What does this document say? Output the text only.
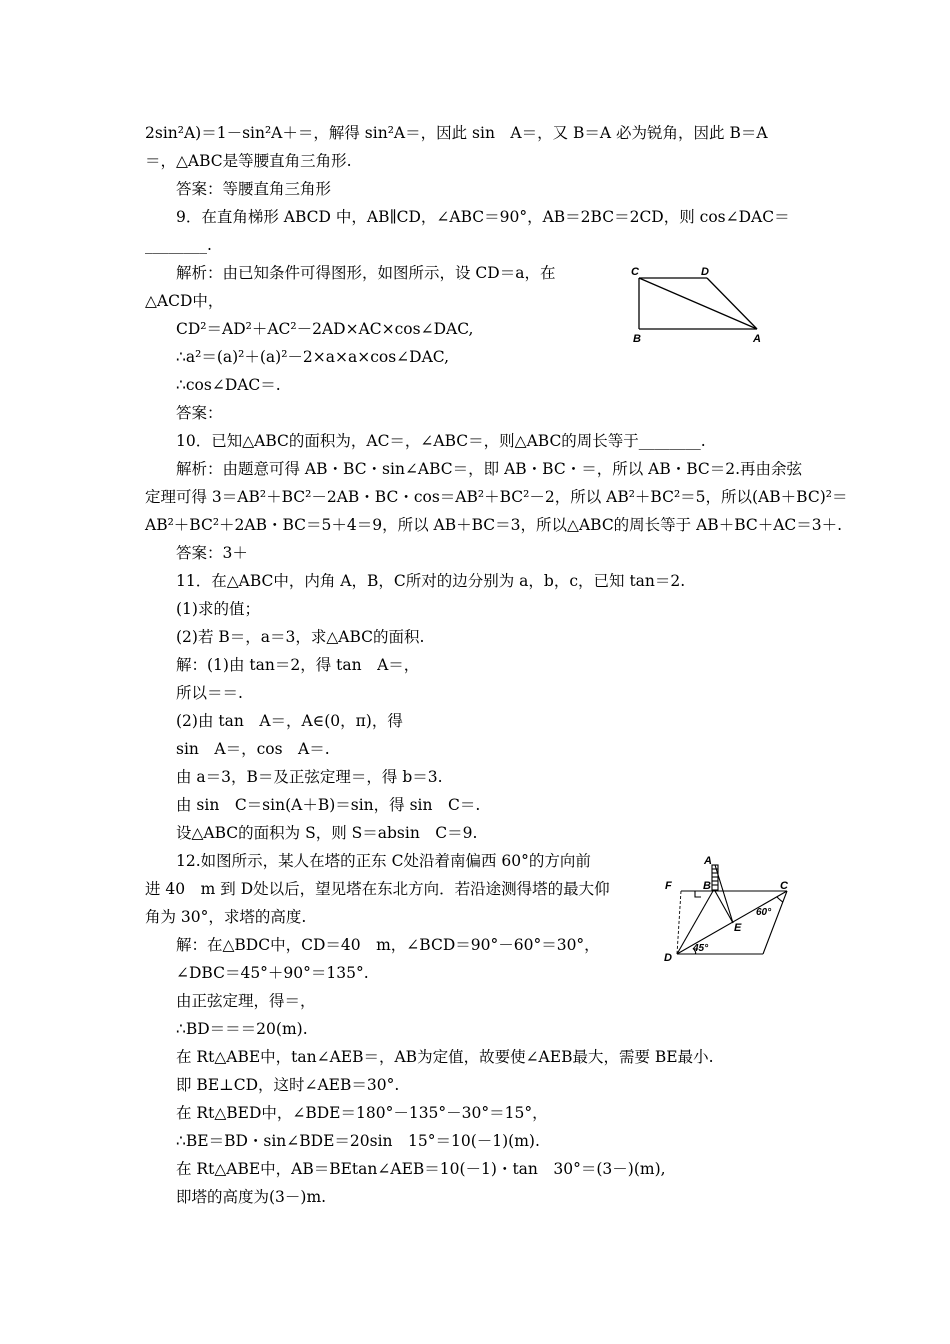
2sin²A)＝1－sin²A＋＝，解得 sin²A＝，因此 sin　A＝，又 B＝A 必为锐角，因此 B＝A
＝，△ABC是等腰直角三角形.
答案：等腰直角三角形
9．在直角梯形 ABCD 中，AB∥CD，∠ABC＝90°，AB＝2BC＝2CD，则 cos∠DAC＝
________.
解析：由已知条件可得图形，如图所示，设 CD＝a，在
△ACD中，
CD²＝AD²＋AC²－2AD×AC×cos∠DAC,
∴a²＝(a)²＋(a)²－2×a×a×cos∠DAC,
∴cos∠DAC＝.
答案：
10．已知△ABC的面积为，AC＝，∠ABC＝，则△ABC的周长等于________.
解析：由题意可得 AB・BC・sin∠ABC＝，即 AB・BC・＝，所以 AB・BC＝2.再由余弦
定理可得 3＝AB²＋BC²－2AB・BC・cos＝AB²＋BC²－2，所以 AB²＋BC²＝5，所以(AB＋BC)²＝
AB²＋BC²＋2AB・BC＝5＋4＝9，所以 AB＋BC＝3，所以△ABC的周长等于 AB＋BC＋AC＝3＋.
答案：3＋
11．在△ABC中，内角 A，B，C所对的边分别为 a，b，c，已知 tan＝2.
(1)求的值；
(2)若 B＝，a＝3，求△ABC的面积.
解：(1)由 tan＝2，得 tan　A＝，
所以＝＝.
(2)由 tan　A＝，A∈(0，π)，得
sin　A＝，cos　A＝.
由 a＝3，B＝及正弦定理＝，得 b＝3.
由 sin　C＝sin(A＋B)＝sin，得 sin　C＝.
设△ABC的面积为 S，则 S＝absin　C＝9.
12.如图所示，某人在塔的正东 C处沿着南偏西 60°的方向前
进 40　m 到 D处以后，望见塔在东北方向．若沿途测得塔的最大仰
角为 30°，求塔的高度.
解：在△BDC中，CD＝40　m，∠BCD＝90°－60°＝30°，
∠DBC＝45°＋90°＝135°.
由正弦定理，得＝，
∴BD＝＝＝20(m).
在 Rt△ABE中，tan∠AEB＝，AB为定值，故要使∠AEB最大，需要 BE最小.
即 BE⊥CD，这时∠AEB＝30°.
在 Rt△BED中，∠BDE＝180°－135°－30°＝15°，
∴BE＝BD・sin∠BDE＝20sin　15°＝10(－1)(m).
在 Rt△ABE中，AB＝BEtan∠AEB＝10(－1)・tan　30°＝(3－)(m),
即塔的高度为(3－)m.
C	D
B	A
A
B
F	C
60°
E
45°
D
